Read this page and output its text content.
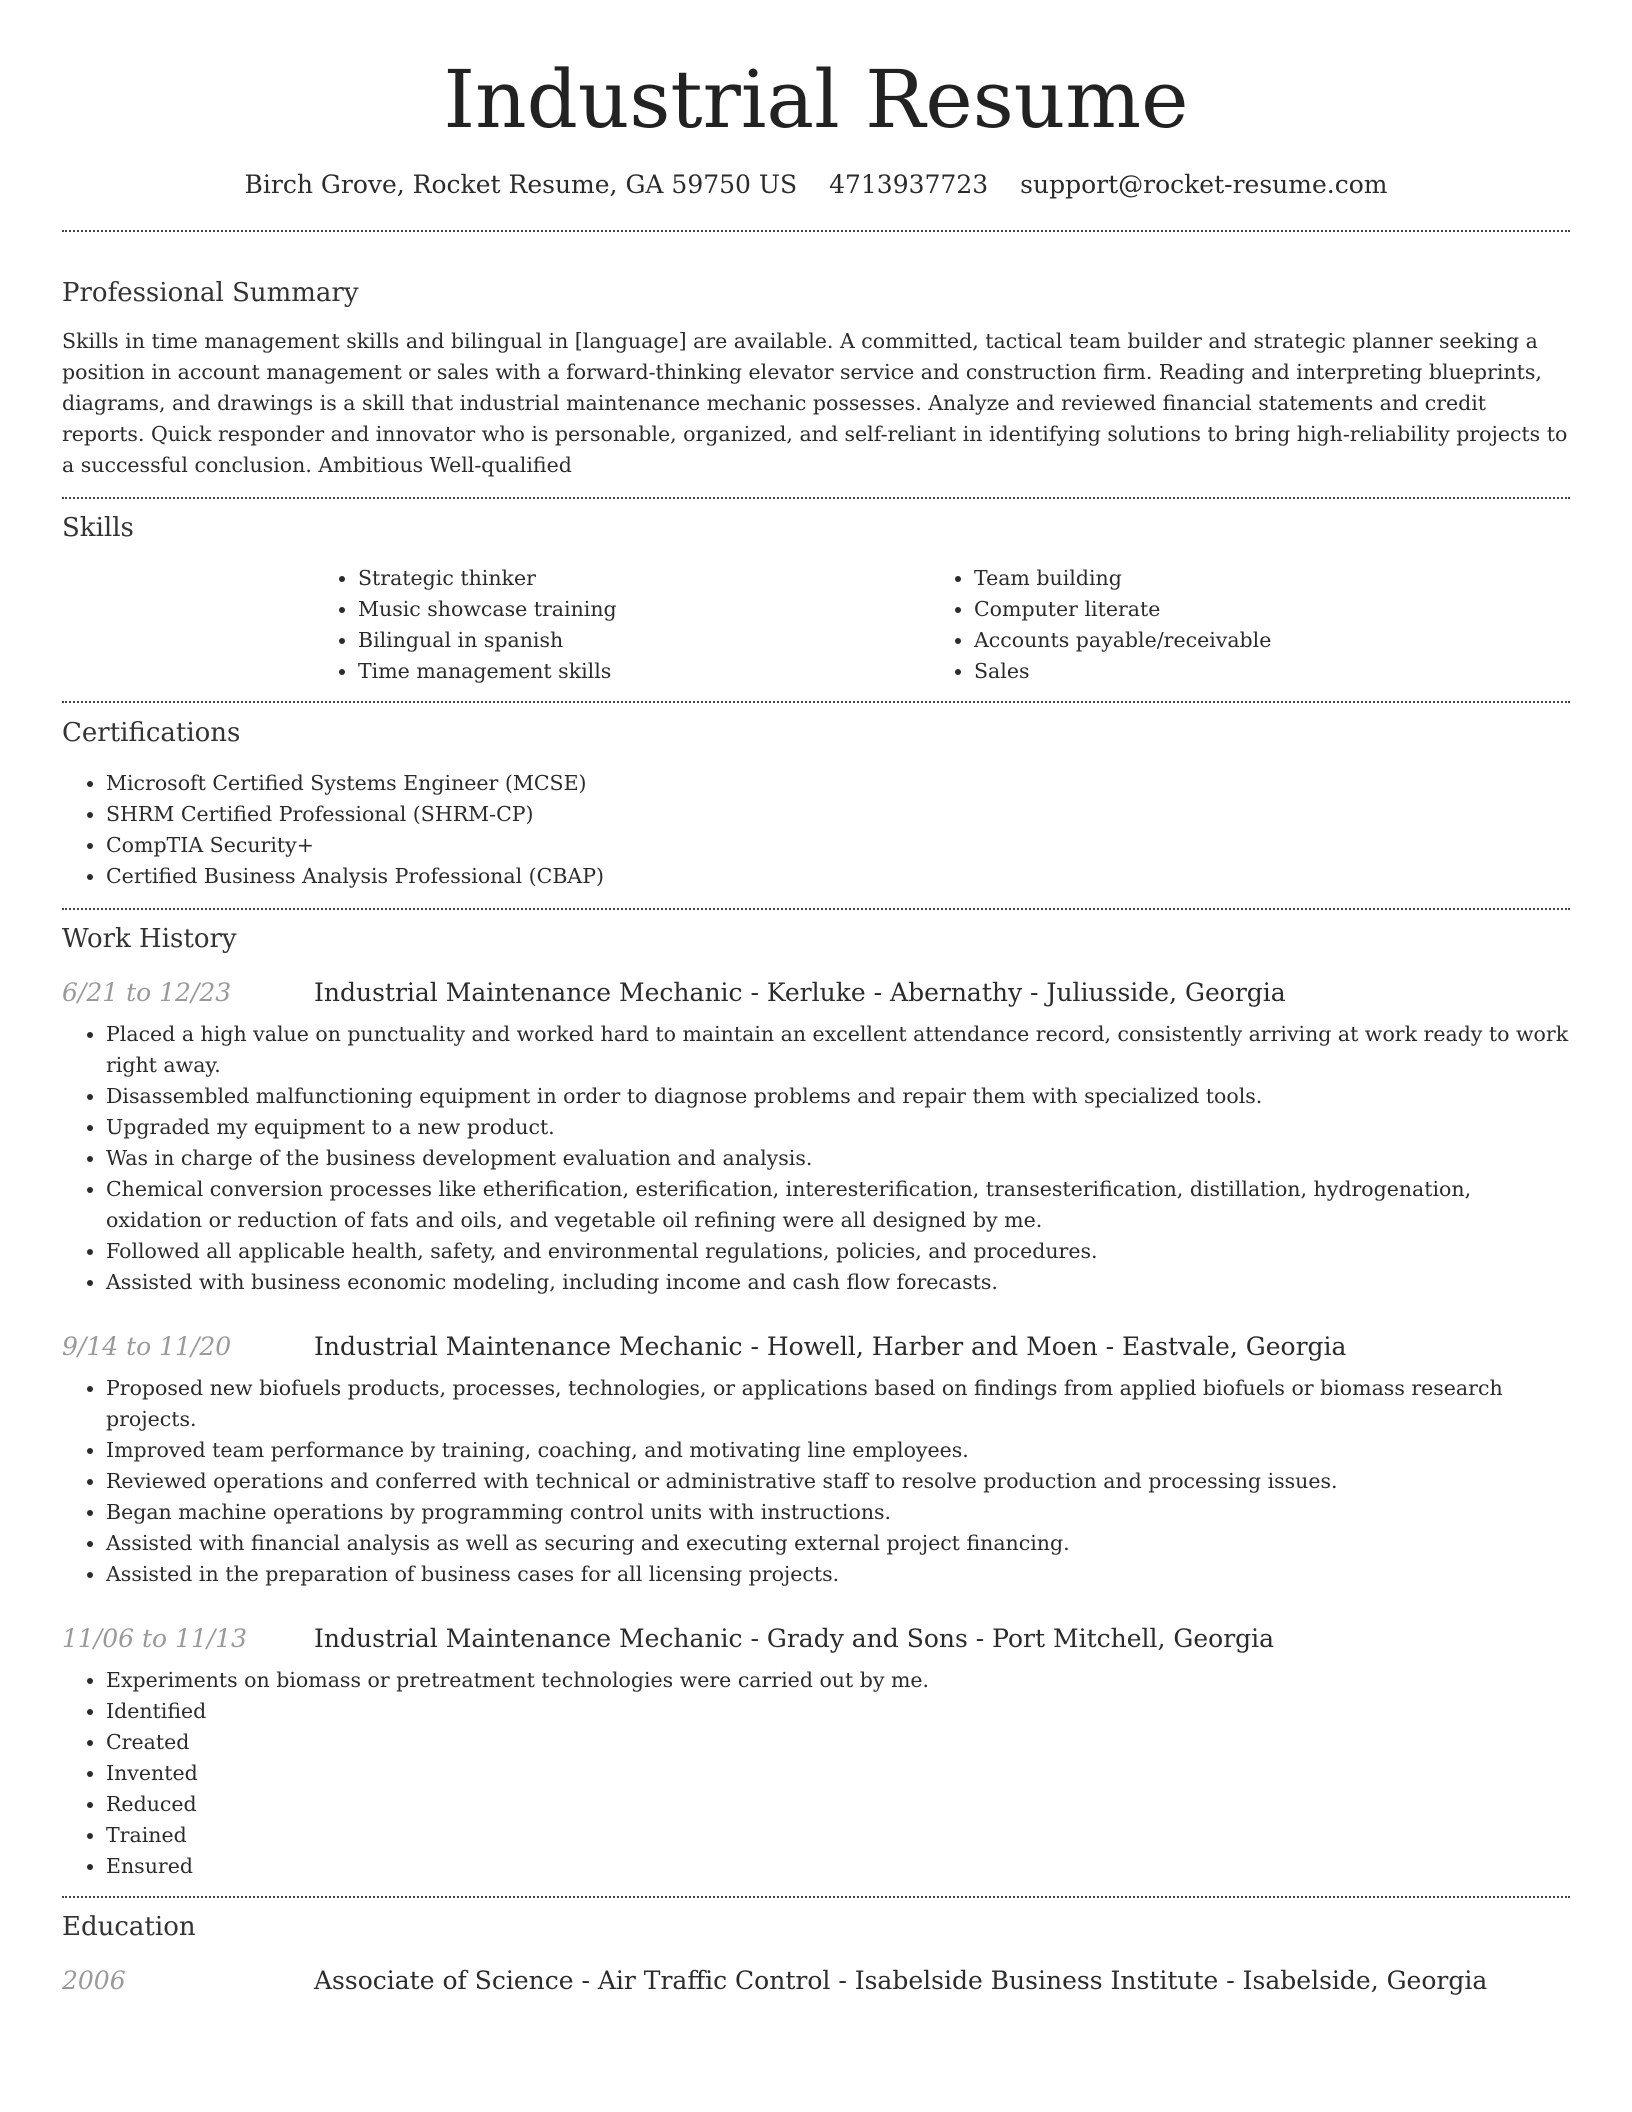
Industrial Resume
Birch Grove, Rocket Resume, GA 59750 US 4713937723 support@rocket-resume.com
Professional Summary

Skills in time management skills and bilingual in [language] are available. A committed, tactical team builder and strategic planner seeking a position in account management or sales with a forward-thinking elevator service and construction firm. Reading and interpreting blueprints, diagrams, and drawings is a skill that industrial maintenance mechanic possesses. Analyze and reviewed financial statements and credit reports. Quick responder and innovator who is personable, organized, and self-reliant in identifying solutions to bring high-reliability projects to a successful conclusion. Ambitious Well-qualified

Skills
• Strategic thinker
• Music showcase training
• Bilingual in spanish
• Time management skills
• Team building
• Computer literate
• Accounts payable/receivable
• Sales
Certifications
• Microsoft Certified Systems Engineer (MCSE)
• SHRM Certified Professional (SHRM-CP)
• CompTIA Security+
• Certified Business Analysis Professional (CBAP)
Work History
6/21 to 12/23	Industrial Maintenance Mechanic - Kerluke - Abernathy - Juliusside, Georgia
• Placed a high value on punctuality and worked hard to maintain an excellent attendance record, consistently arriving at work ready to work right away.
• Disassembled malfunctioning equipment in order to diagnose problems and repair them with specialized tools.
• Upgraded my equipment to a new product.
• Was in charge of the business development evaluation and analysis.
• Chemical conversion processes like etherification, esterification, interesterification, transesterification, distillation, hydrogenation, oxidation or reduction of fats and oils, and vegetable oil refining were all designed by me.
• Followed all applicable health, safety, and environmental regulations, policies, and procedures.
• Assisted with business economic modeling, including income and cash flow forecasts.
9/14 to 11/20	Industrial Maintenance Mechanic - Howell, Harber and Moen - Eastvale, Georgia
• Proposed new biofuels products, processes, technologies, or applications based on findings from applied biofuels or biomass research projects.
• Improved team performance by training, coaching, and motivating line employees.
• Reviewed operations and conferred with technical or administrative staff to resolve production and processing issues.
• Began machine operations by programming control units with instructions.
• Assisted with financial analysis as well as securing and executing external project financing.
• Assisted in the preparation of business cases for all licensing projects.
11/06 to 11/13	Industrial Maintenance Mechanic - Grady and Sons - Port Mitchell, Georgia
• Experiments on biomass or pretreatment technologies were carried out by me.
• Identified
• Created
• Invented
• Reduced
• Trained
• Ensured
Education
2006	Associate of Science - Air Traffic Control - Isabelside Business Institute - Isabelside, Georgia
